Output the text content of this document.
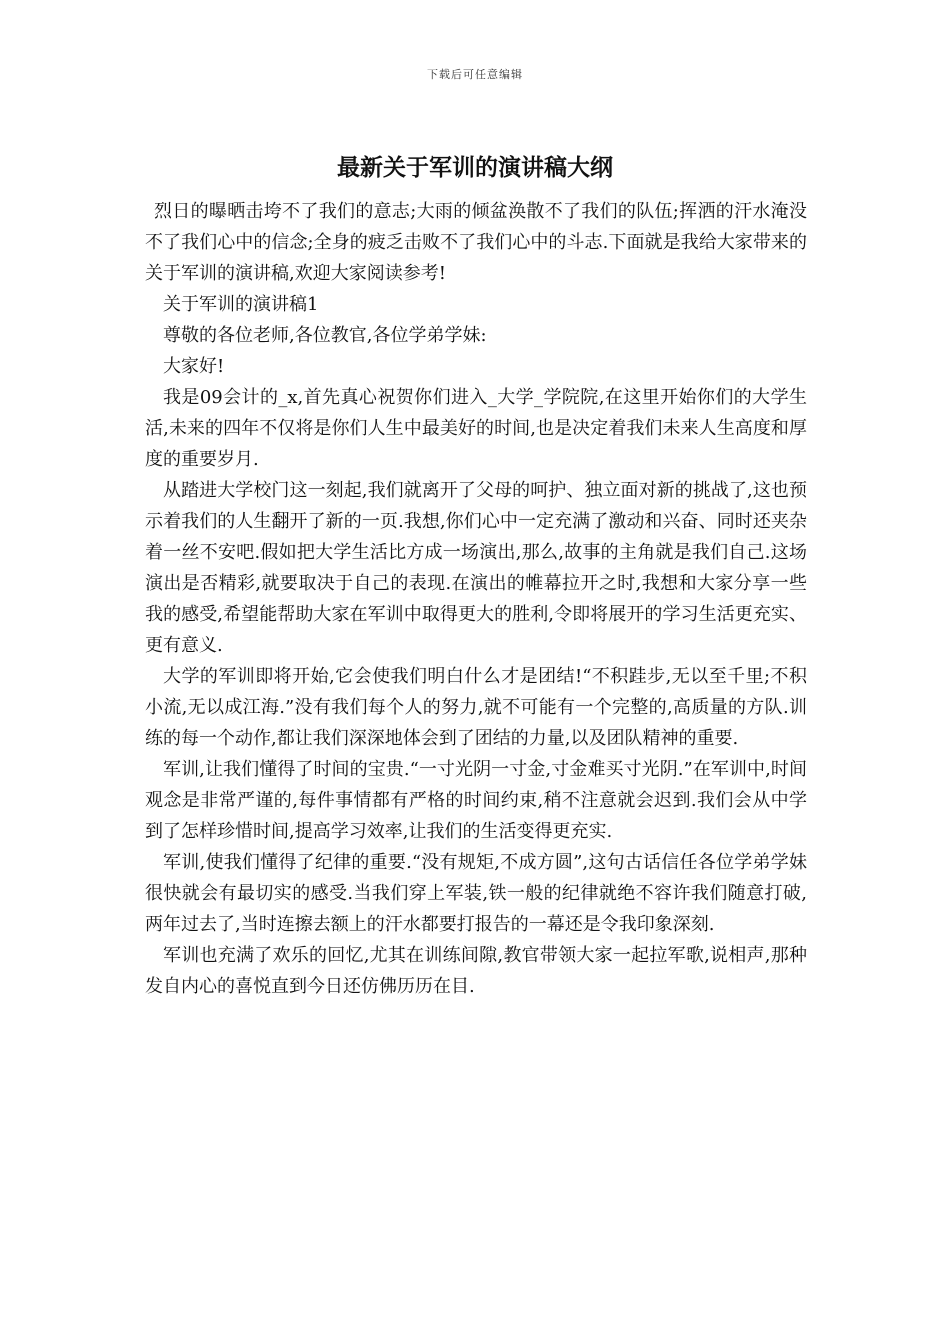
下载后可任意编辑
最新关于军训的演讲稿大纲

烈日的曝晒击垮不了我们的意志;大雨的倾盆涣散不了我们的队伍;挥洒的汗水淹没不了我们心中的信念;全身的疲乏击败不了我们心中的斗志.下面就是我给大家带来的关于军训的演讲稿,欢迎大家阅读参考!

关于军训的演讲稿1

尊敬的各位老师,各位教官,各位学弟学妹:

大家好!

我是09会计的_x,首先真心祝贺你们进入_大学_学院院,在这里开始你们的大学生活,未来的四年不仅将是你们人生中最美好的时间,也是决定着我们未来人生高度和厚度的重要岁月.

从踏进大学校门这一刻起,我们就离开了父母的呵护、独立面对新的挑战了,这也预示着我们的人生翻开了新的一页.我想,你们心中一定充满了激动和兴奋、同时还夹杂着一丝不安吧.假如把大学生活比方成一场演出,那么,故事的主角就是我们自己.这场演出是否精彩,就要取决于自己的表现.在演出的帷幕拉开之时,我想和大家分享一些我的感受,希望能帮助大家在军训中取得更大的胜利,令即将展开的学习生活更充实、更有意义.

大学的军训即将开始,它会使我们明白什么才是团结!“不积跬步,无以至千里;不积小流,无以成江海.”没有我们每个人的努力,就不可能有一个完整的,高质量的方队.训练的每一个动作,都让我们深深地体会到了团结的力量,以及团队精神的重要.

军训,让我们懂得了时间的宝贵.“一寸光阴一寸金,寸金难买寸光阴.”在军训中,时间观念是非常严谨的,每件事情都有严格的时间约束,稍不注意就会迟到.我们会从中学到了怎样珍惜时间,提高学习效率,让我们的生活变得更充实.

军训,使我们懂得了纪律的重要.“没有规矩,不成方圆”,这句古话信任各位学弟学妹很快就会有最切实的感受.当我们穿上军装,铁一般的纪律就绝不容许我们随意打破,两年过去了,当时连擦去额上的汗水都要打报告的一幕还是令我印象深刻.

军训也充满了欢乐的回忆,尤其在训练间隙,教官带领大家一起拉军歌,说相声,那种发自内心的喜悦直到今日还仿佛历历在目.
